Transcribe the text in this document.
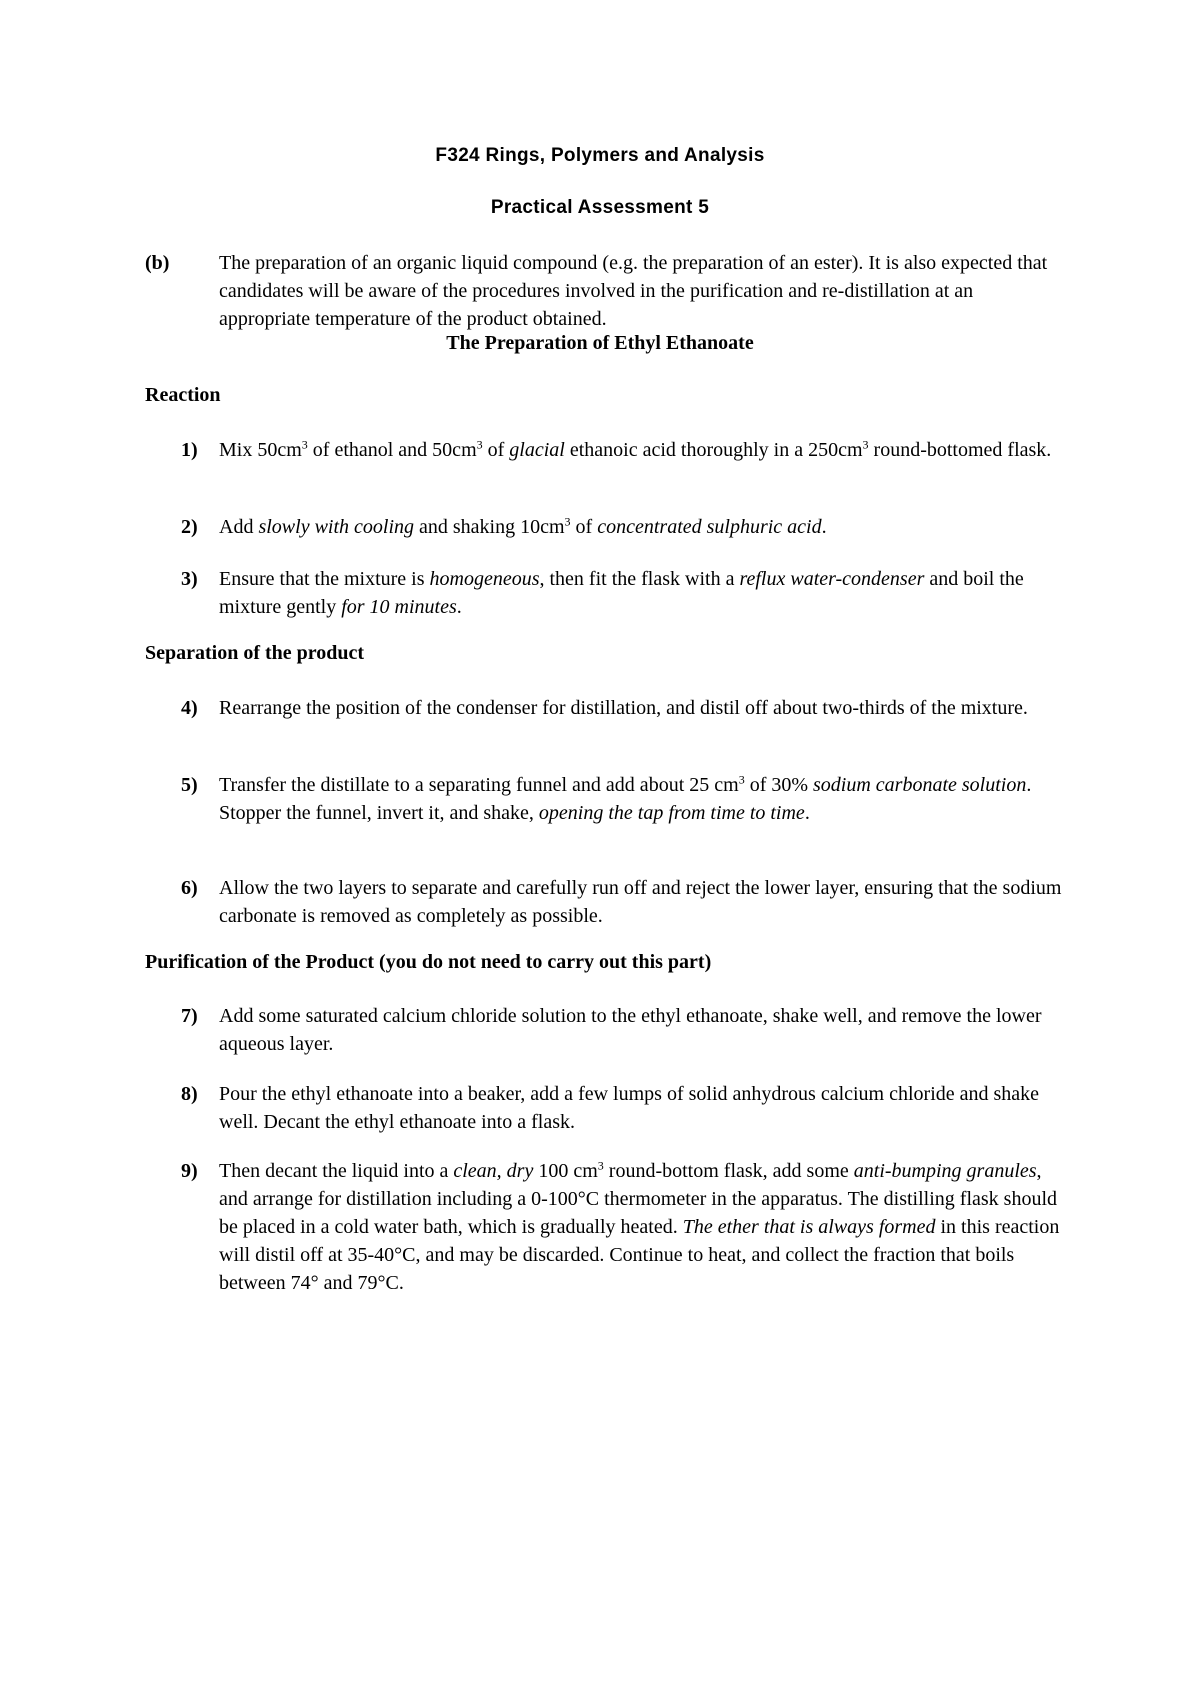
F324 Rings, Polymers and Analysis
Practical Assessment 5
(b) The preparation of an organic liquid compound (e.g. the preparation of an ester). It is also expected that candidates will be aware of the procedures involved in the purification and re-distillation at an appropriate temperature of the product obtained.
The Preparation of Ethyl Ethanoate
Reaction
1) Mix $50cm^3$ of ethanol and $50cm^3$ of glacial ethanoic acid thoroughly in a $250cm^3$ round-bottomed flask.
2) Add slowly with cooling and shaking $10cm^3$ of concentrated sulphuric acid.
3) Ensure that the mixture is homogeneous, then fit the flask with a reflux water-condenser and boil the mixture gently for 10 minutes.
Separation of the product
4) Rearrange the position of the condenser for distillation, and distil off about two-thirds of the mixture.
5) Transfer the distillate to a separating funnel and add about 25 $cm^3$ of 30% sodium carbonate solution. Stopper the funnel, invert it, and shake, opening the tap from time to time.
6) Allow the two layers to separate and carefully run off and reject the lower layer, ensuring that the sodium carbonate is removed as completely as possible.
Purification of the Product (you do not need to carry out this part)
7) Add some saturated calcium chloride solution to the ethyl ethanoate, shake well, and remove the lower aqueous layer.
8) Pour the ethyl ethanoate into a beaker, add a few lumps of solid anhydrous calcium chloride and shake well. Decant the ethyl ethanoate into a flask.
9) Then decant the liquid into a clean, dry 100 $cm^3$ round-bottom flask, add some anti-bumping granules, and arrange for distillation including a 0-100°C thermometer in the apparatus. The distilling flask should be placed in a cold water bath, which is gradually heated. The ether that is always formed in this reaction will distil off at 35-40°C, and may be discarded. Continue to heat, and collect the fraction that boils between 74° and 79°C.
